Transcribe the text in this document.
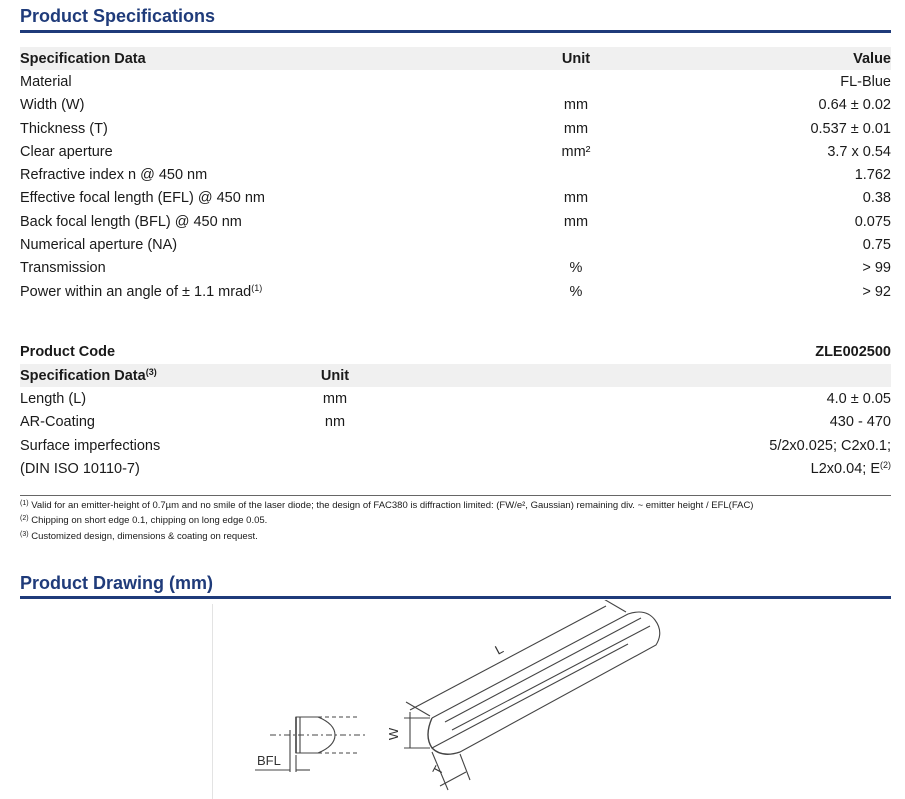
Product Specifications
Specification Data	Unit	Value
Material		FL-Blue
Width (W)	mm	0.64 ± 0.02
Thickness (T)	mm	0.537 ± 0.01
Clear aperture	mm²	3.7 x 0.54
Refractive index n @ 450 nm		1.762
Effective focal length (EFL) @ 450 nm	mm	0.38
Back focal length (BFL) @ 450 nm	mm	0.075
Numerical aperture (NA)		0.75
Transmission	%	> 99
Power within an angle of ± 1.1 mrad$^{(1)}$	%	> 92
Product Code	ZLE002500
Specification Data$^{(3)}$	Unit	
Length (L)	mm	4.0 ± 0.05
AR-Coating	nm	430 - 470
Surface imperfections		5/2x0.025; C2x0.1;
(DIN ISO 10110-7)		L2x0.04; $E^{(2)}$
$^{(1)}$ Valid for an emitter-height of 0.7µm and no smile of the laser diode; the design of FAC380 is diffraction limited: (FW/e², Gaussian) remaining div. ~ emitter height / EFL(FAC)
$^{(2)}$ Chipping on short edge 0.1, chipping on long edge 0.05.
$^{(3)}$ Customized design, dimensions & coating on request.
Product Drawing (mm)
BFL
L
W
T
